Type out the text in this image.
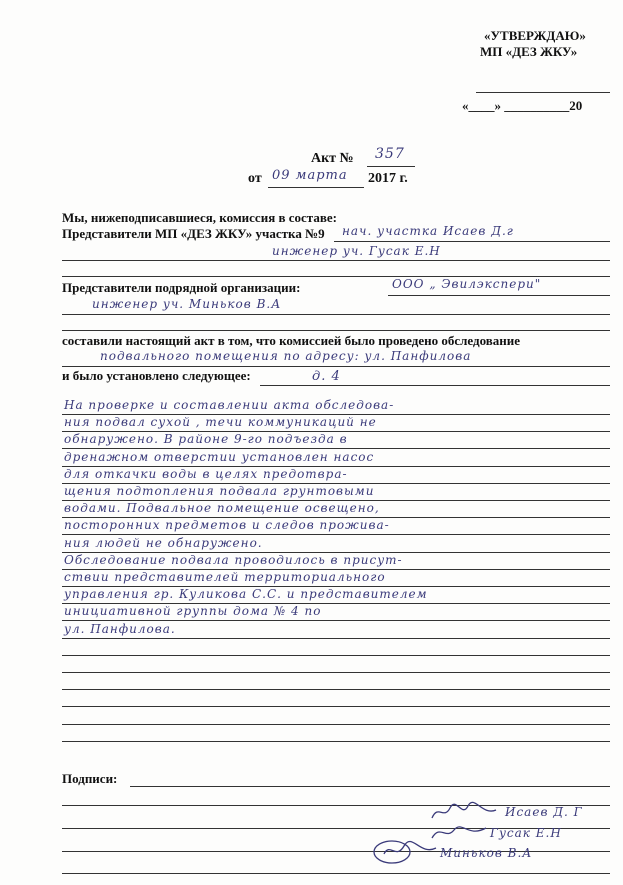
«УТВЕРЖДАЮ»
МП «ДЕЗ ЖКУ»
«____» __________20
Акт № 357
от 09 марта 2017 г.
Мы, нижеподписавшиеся, комиссия в составе:
Представители МП «ДЕЗ ЖКУ» участка №9 нач. участка Исаев Д.г
инженер уч. Гусак Е.Н
Представители подрядной организации:	ООО „ Эвилэкспери"
инженер уч. Миньков В.А
составили настоящий акт в том, что комиссией было проведено обследование
подвального помещения по адресу: ул. Панфилова
и было установлено следующее:	д. 4
На проверке и составлении акта обследова-
ния подвал сухой , течи коммуникаций не
обнаружено. В районе 9-го подъезда в
дренажном отверстии установлен насос
для откачки воды в целях предотвра-
щения подтопления подвала грунтовыми
водами. Подвальное помещение освещено,
посторонних предметов и следов прожива-
ния людей не обнаружено.
Обследование подвала проводилось в присут-
ствии представителей территориального
управления гр. Куликова С.С. и представителем
инициативной группы дома № 4 по
ул. Панфилова.
Подписи:
Исаев Д. Г
Гусак Е.Н
Миньков В.А
